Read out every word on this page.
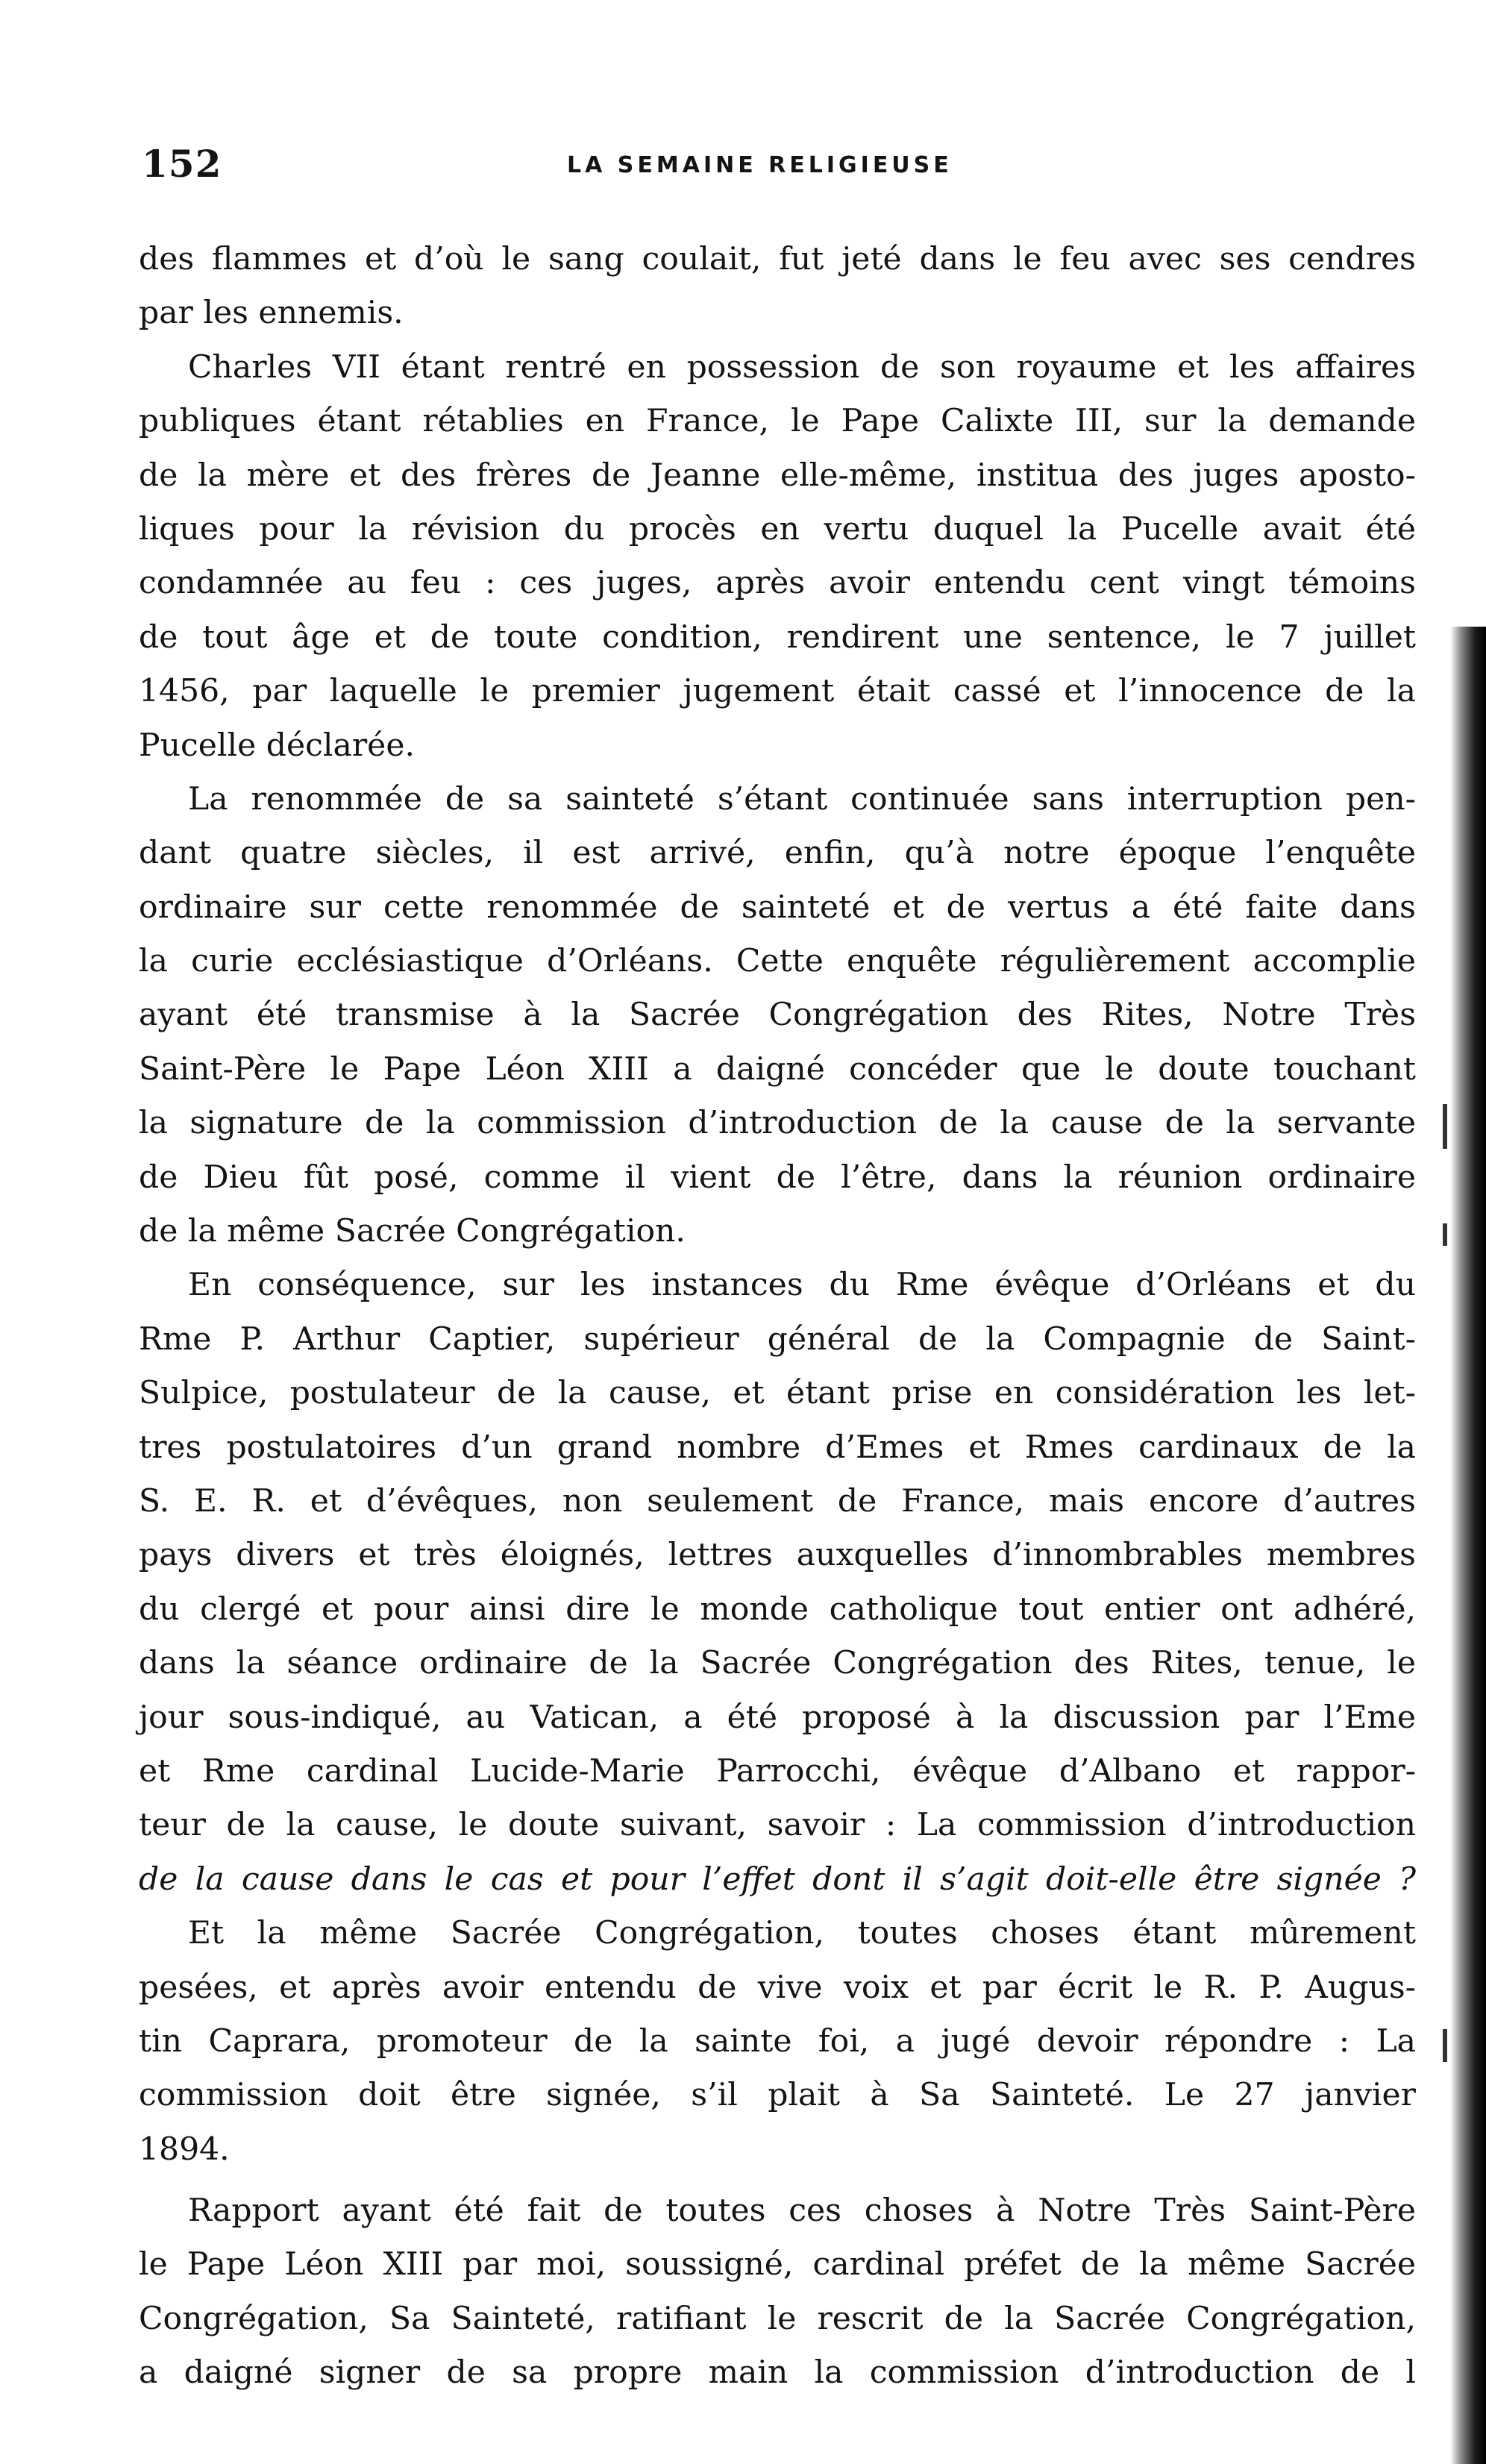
152	LA SEMAINE RELIGIEUSE
des flammes et d’où le sang coulait, fut jeté dans le feu avec ses cendres
par les ennemis.
Charles VII étant rentré en possession de son royaume et les affaires
publiques étant rétablies en France, le Pape Calixte III, sur la demande
de la mère et des frères de Jeanne elle-même, institua des juges aposto-
liques pour la révision du procès en vertu duquel la Pucelle avait été
condamnée au feu : ces juges, après avoir entendu cent vingt témoins
de tout âge et de toute condition, rendirent une sentence, le 7 juillet
1456, par laquelle le premier jugement était cassé et l’innocence de la
Pucelle déclarée.
La renommée de sa sainteté s’étant continuée sans interruption pen-
dant quatre siècles, il est arrivé, enfin, qu’à notre époque l’enquête
ordinaire sur cette renommée de sainteté et de vertus a été faite dans
la curie ecclésiastique d’Orléans. Cette enquête régulièrement accomplie
ayant été transmise à la Sacrée Congrégation des Rites, Notre Très
Saint-Père le Pape Léon XIII a daigné concéder que le doute touchant
la signature de la commission d’introduction de la cause de la servante
de Dieu fût posé, comme il vient de l’être, dans la réunion ordinaire
de la même Sacrée Congrégation.
En conséquence, sur les instances du Rme évêque d’Orléans et du
Rme P. Arthur Captier, supérieur général de la Compagnie de Saint-
Sulpice, postulateur de la cause, et étant prise en considération les let-
tres postulatoires d’un grand nombre d’Emes et Rmes cardinaux de la
S. E. R. et d’évêques, non seulement de France, mais encore d’autres
pays divers et très éloignés, lettres auxquelles d’innombrables membres
du clergé et pour ainsi dire le monde catholique tout entier ont adhéré,
dans la séance ordinaire de la Sacrée Congrégation des Rites, tenue, le
jour sous-indiqué, au Vatican, a été proposé à la discussion par l’Eme
et Rme cardinal Lucide-Marie Parrocchi, évêque d’Albano et rappor-
teur de la cause, le doute suivant, savoir : La commission d’introduction
de la cause dans le cas et pour l’effet dont il s’agit doit-elle être signée ?
Et la même Sacrée Congrégation, toutes choses étant mûrement
pesées, et après avoir entendu de vive voix et par écrit le R. P. Augus-
tin Caprara, promoteur de la sainte foi, a jugé devoir répondre : La
commission doit être signée, s’il plait à Sa Sainteté. Le 27 janvier
1894.
Rapport ayant été fait de toutes ces choses à Notre Très Saint-Père
le Pape Léon XIII par moi, soussigné, cardinal préfet de la même Sacrée
Congrégation, Sa Sainteté, ratifiant le rescrit de la Sacrée Congrégation,
a daigné signer de sa propre main la commission d’introduction de l
